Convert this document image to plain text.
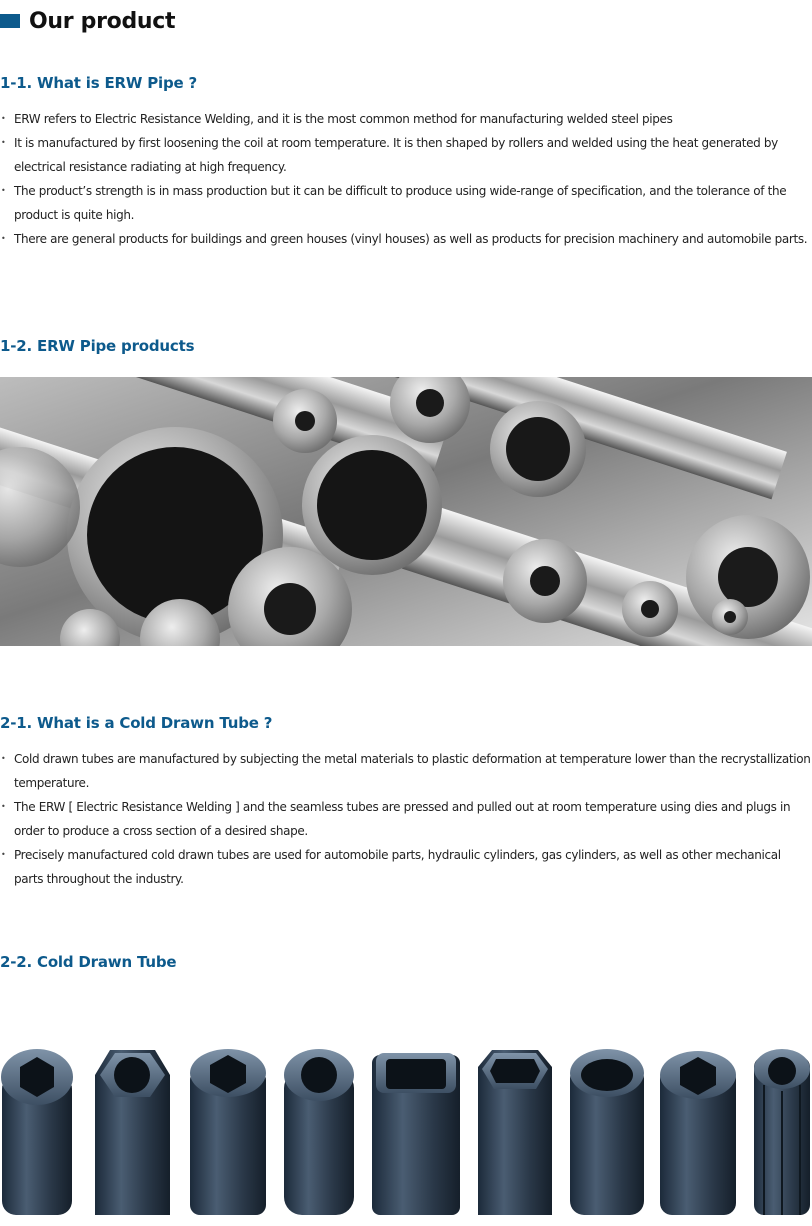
Our product
1-1. What is ERW Pipe ?
• ERW refers to Electric Resistance Welding, and it is the most common method for manufacturing welded steel pipes
• It is manufactured by first loosening the coil at room temperature. It is then shaped by rollers and welded using the heat generated by electrical resistance radiating at high frequency.
• The product’s strength is in mass production but it can be difficult to produce using wide-range of specification, and the tolerance of the product is quite high.
• There are general products for buildings and green houses (vinyl houses) as well as products for precision machinery and automobile parts.
1-2. ERW Pipe products
2-1. What is a Cold Drawn Tube ?
• Cold drawn tubes are manufactured by subjecting the metal materials to plastic deformation at temperature lower than the recrystallization temperature.
• The ERW [ Electric Resistance Welding ] and the seamless tubes are pressed and pulled out at room temperature using dies and plugs in order to produce a cross section of a desired shape.
• Precisely manufactured cold drawn tubes are used for automobile parts, hydraulic cylinders, gas cylinders, as well as other mechanical parts throughout the industry.
2-2. Cold Drawn Tube
